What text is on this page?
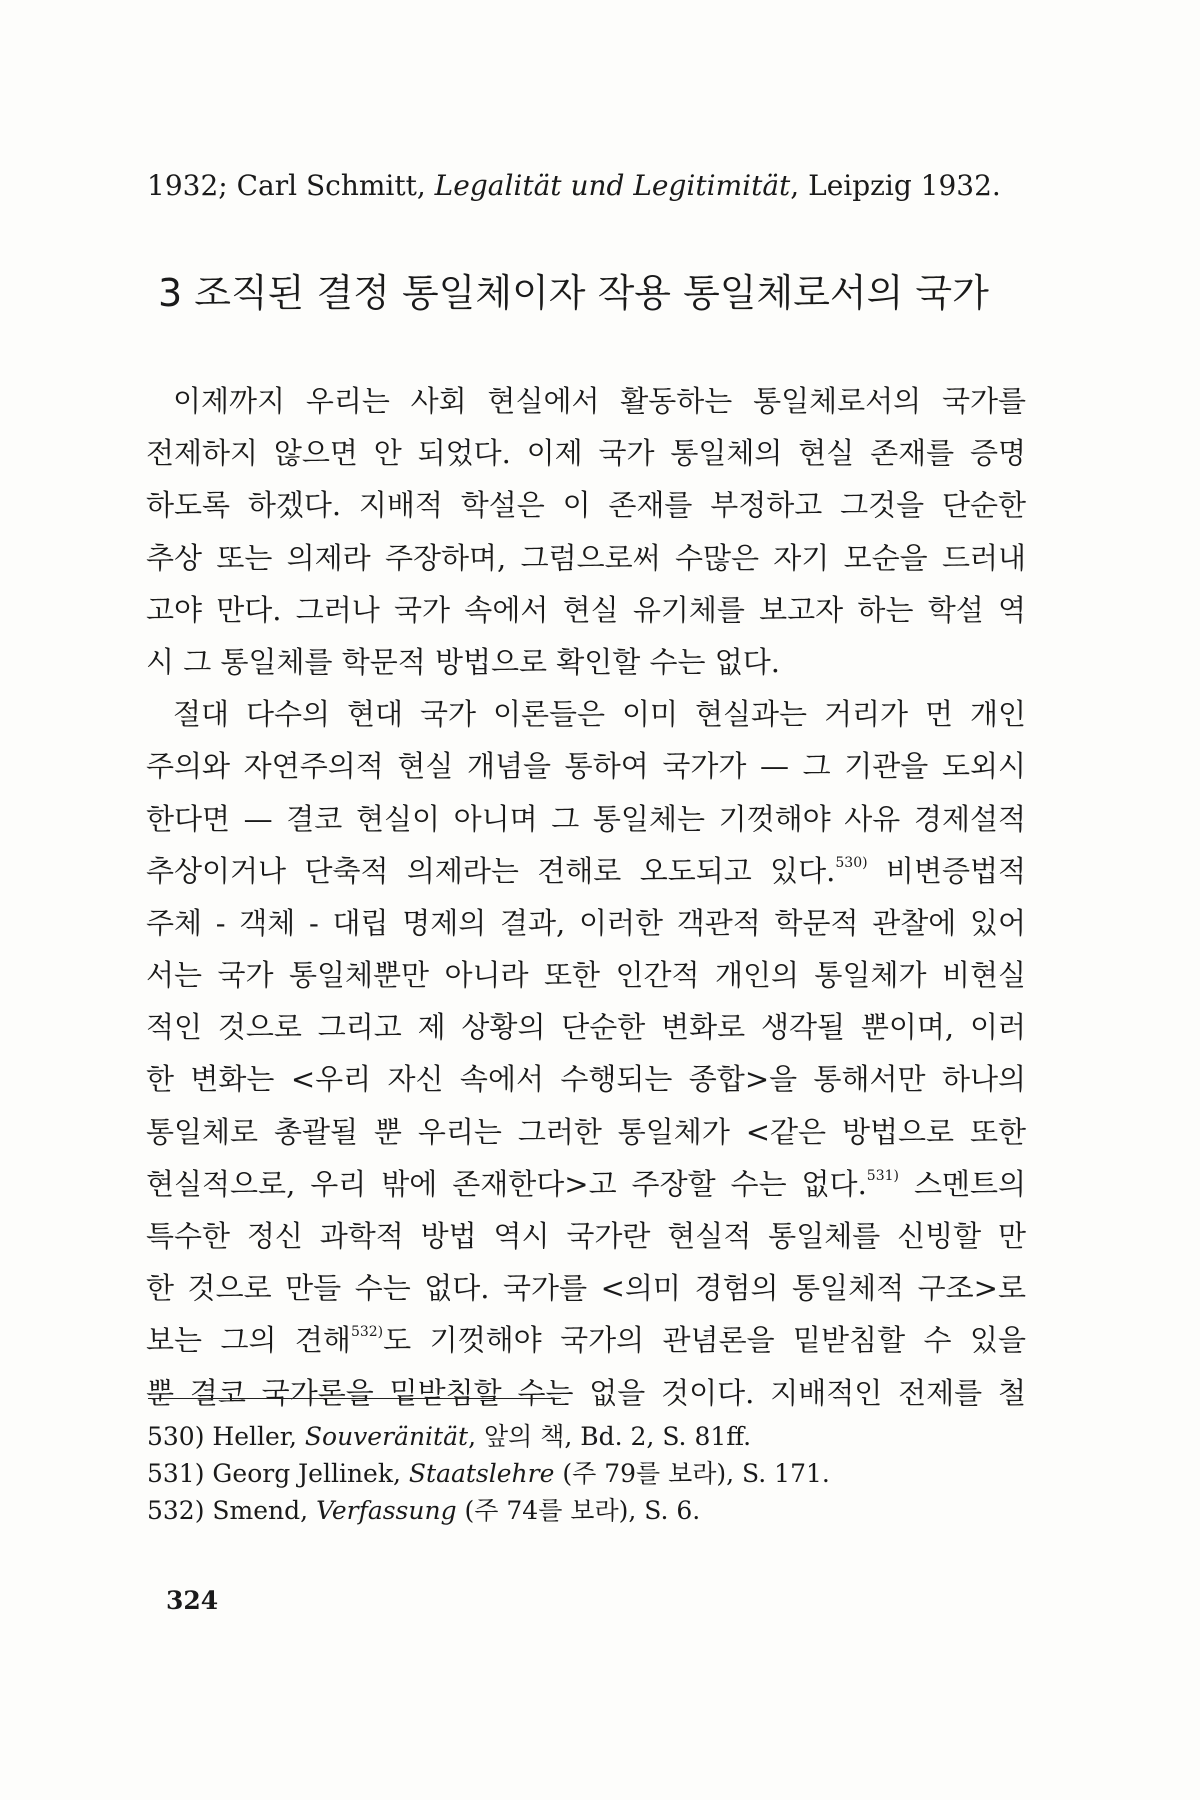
1932; Carl Schmitt, Legalität und Legitimität, Leipzig 1932.
3 조직된 결정 통일체이자 작용 통일체로서의 국가
이제까지 우리는 사회 현실에서 활동하는 통일체로서의 국가를
전제하지 않으면 안 되었다. 이제 국가 통일체의 현실 존재를 증명
하도록 하겠다. 지배적 학설은 이 존재를 부정하고 그것을 단순한
추상 또는 의제라 주장하며, 그럼으로써 수많은 자기 모순을 드러내
고야 만다. 그러나 국가 속에서 현실 유기체를 보고자 하는 학설 역
시 그 통일체를 학문적 방법으로 확인할 수는 없다.
절대 다수의 현대 국가 이론들은 이미 현실과는 거리가 먼 개인
주의와 자연주의적 현실 개념을 통하여 국가가 — 그 기관을 도외시
한다면 — 결코 현실이 아니며 그 통일체는 기껏해야 사유 경제설적
추상이거나 단축적 의제라는 견해로 오도되고 있다.$^{530)}$ 비변증법적
주체 - 객체 - 대립 명제의 결과, 이러한 객관적 학문적 관찰에 있어
서는 국가 통일체뿐만 아니라 또한 인간적 개인의 통일체가 비현실
적인 것으로 그리고 제 상황의 단순한 변화로 생각될 뿐이며, 이러
한 변화는 <우리 자신 속에서 수행되는 종합>을 통해서만 하나의
통일체로 총괄될 뿐 우리는 그러한 통일체가 <같은 방법으로 또한
현실적으로, 우리 밖에 존재한다>고 주장할 수는 없다.$^{531)}$ 스멘트의
특수한 정신 과학적 방법 역시 국가란 현실적 통일체를 신빙할 만
한 것으로 만들 수는 없다. 국가를 <의미 경험의 통일체적 구조>로
보는 그의 견해$^{532)}$도 기껏해야 국가의 관념론을 밑받침할 수 있을
뿐 결코 국가론을 밑받침할 수는 없을 것이다. 지배적인 전제를 철
530) Heller, Souveränität, 앞의 책, Bd. 2, S. 81ff.
531) Georg Jellinek, Staatslehre (주 79를 보라), S. 171.
532) Smend, Verfassung (주 74를 보라), S. 6.
324
